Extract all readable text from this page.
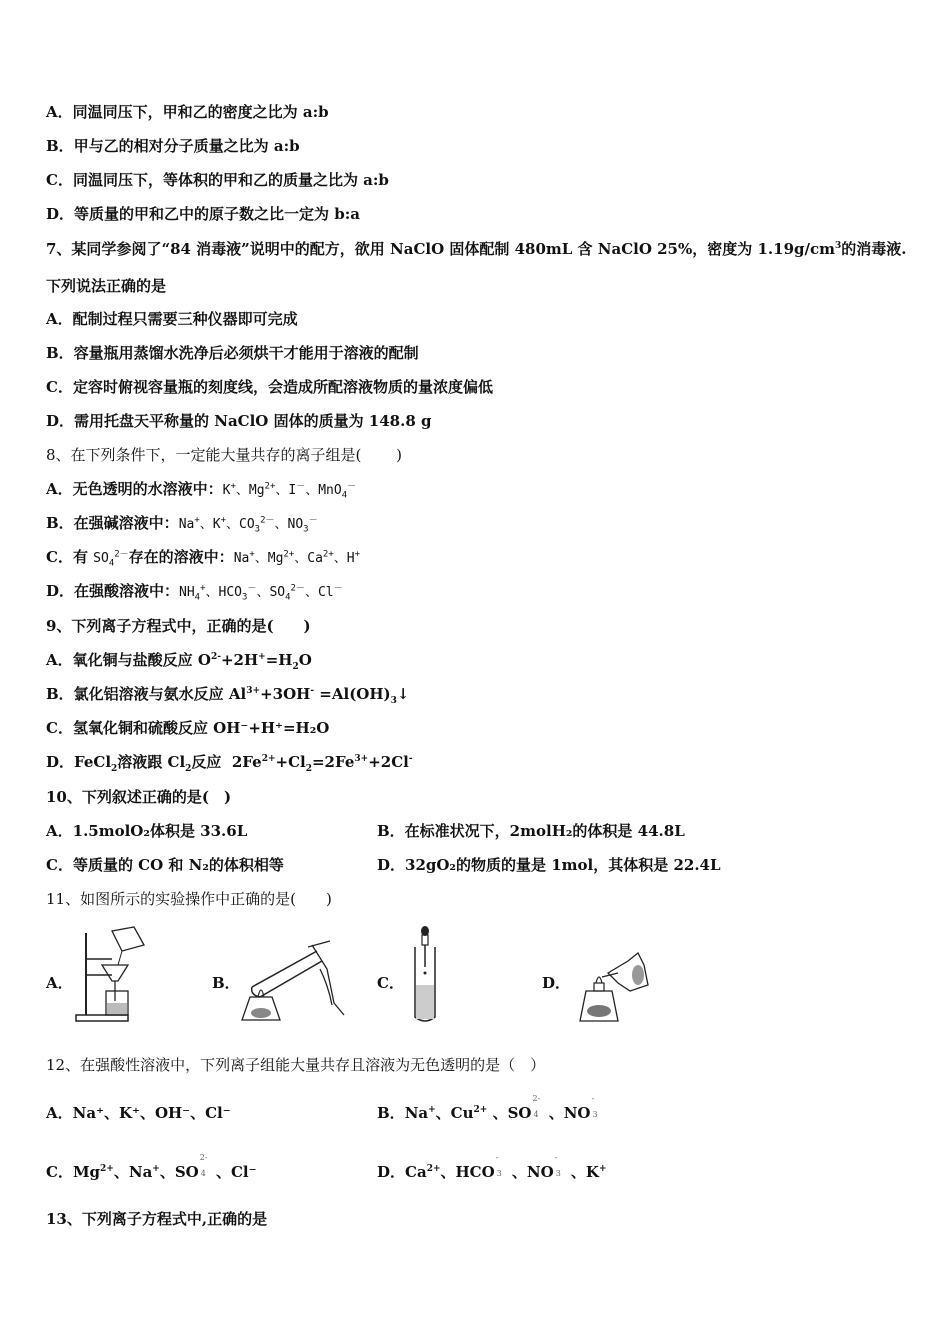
A．同温同压下，甲和乙的密度之比为 a:b
B．甲与乙的相对分子质量之比为 a:b
C．同温同压下，等体积的甲和乙的质量之比为 a:b
D．等质量的甲和乙中的原子数之比一定为 b:a
7、某同学参阅了“84 消毒液”说明中的配方，欲用 NaClO 固体配制 480mL 含 NaClO 25%，密度为 $1.19g/cm^3$的消毒液.
下列说法正确的是
A．配制过程只需要三种仪器即可完成
B．容量瓶用蒸馏水洗净后必须烘干才能用于溶液的配制
C．定容时俯视容量瓶的刻度线，会造成所配溶液物质的量浓度偏低
D．需用托盘天平称量的 NaClO 固体的质量为 148.8 g
8、在下列条件下，一定能大量共存的离子组是(　　 )
A．无色透明的水溶液中：K+、$Mg^{2+}$、I－、MnO$_4$－
B．在强碱溶液中：Na+、K+、$CO_3^{2-}$、$NO_3^-$
C．有 $SO_4^{2-}$存在的溶液中：Na+、$Mg^{2+}$、$Ca^{2+}$、H+
D．在强酸溶液中：$NH_4^+$、$HCO_3^-$、$SO_4^{2-}$、Cl－
9、下列离子方程式中，正确的是(　　)
A．氧化铜与盐酸反应 $O^{2-}+2H^+=H_2O$
B．氯化铝溶液与氨水反应 $Al^{3+}+3OH^-$ $=Al(OH)_3↓$
C．氢氧化铜和硫酸反应 OH⁻+H⁺=H₂O
D．FeCl$_2$溶液跟 $Cl_2$反应  $2Fe^{2+}+Cl_2=2Fe^{3+}+2Cl^-$
10、下列叙述正确的是(　)
A．1.5molO₂体积是 33.6L	B．在标准状况下，2molH₂的体积是 44.8L
C．等质量的 CO 和 N₂的体积相等	D．32gO₂的物质的量是 1mol，其体积是 22.4L
11、如图所示的实验操作中正确的是(　　)
A．	B．	C．	D．
12、在强酸性溶液中，下列离子组能大量共存且溶液为无色透明的是（　）
A．Na⁺、K⁺、OH⁻、Cl⁻	B．Na+、$Cu^{2+}$ 、SO
2-
4 、NO
-
3
C．$Mg^{2+}$、Na+、SO
2-
4 、Cl⁻	D．$Ca^{2+}$、HCO
-
3 、NO
-
3 、K+
13、下列离子方程式中,正确的是
